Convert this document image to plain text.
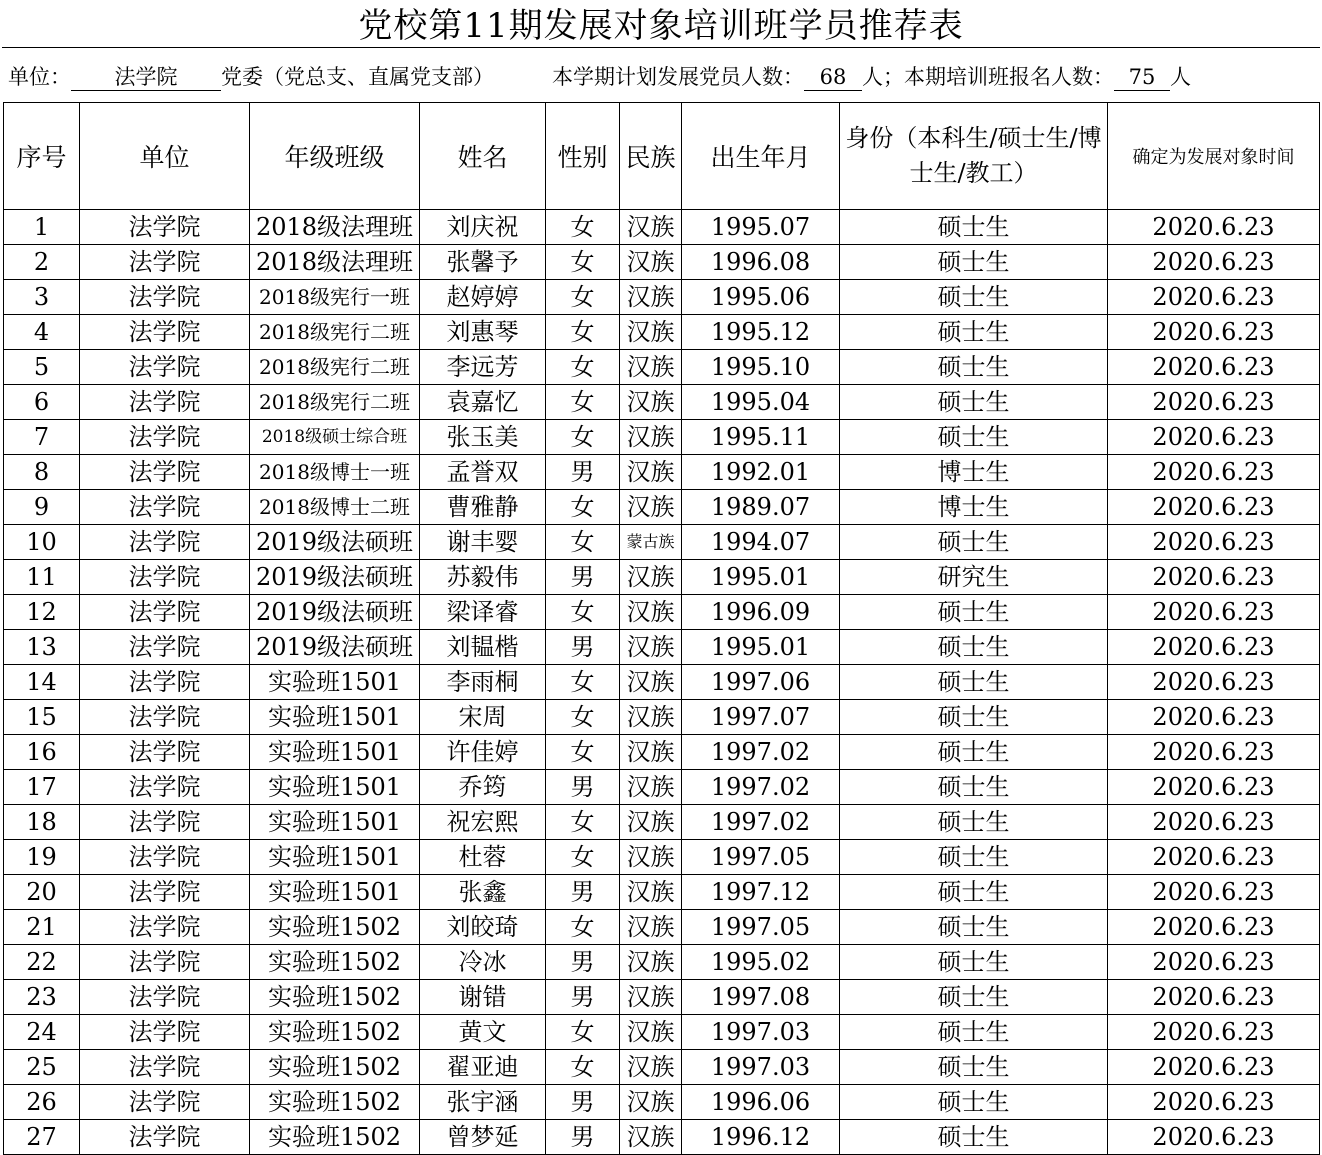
党校第11期发展对象培训班学员推荐表
单位： 法学院 党委（党总支、直属党支部）	本学期计划发展党员人数： 68 人；本期培训班报名人数： 75 人
序号	单位	年级班级	姓名	性别	民族	出生年月	身份（本科生/硕士生/博士生/教工）	确定为发展对象时间
1	法学院	2018级法理班	刘庆祝	女	汉族	1995.07	硕士生	2020.6.23
2	法学院	2018级法理班	张馨予	女	汉族	1996.08	硕士生	2020.6.23
3	法学院	2018级宪行一班	赵婷婷	女	汉族	1995.06	硕士生	2020.6.23
4	法学院	2018级宪行二班	刘惠琴	女	汉族	1995.12	硕士生	2020.6.23
5	法学院	2018级宪行二班	李远芳	女	汉族	1995.10	硕士生	2020.6.23
6	法学院	2018级宪行二班	袁嘉忆	女	汉族	1995.04	硕士生	2020.6.23
7	法学院	2018级硕士综合班	张玉美	女	汉族	1995.11	硕士生	2020.6.23
8	法学院	2018级博士一班	孟誉双	男	汉族	1992.01	博士生	2020.6.23
9	法学院	2018级博士二班	曹雅静	女	汉族	1989.07	博士生	2020.6.23
10	法学院	2019级法硕班	谢丰婴	女	蒙古族	1994.07	硕士生	2020.6.23
11	法学院	2019级法硕班	苏毅伟	男	汉族	1995.01	研究生	2020.6.23
12	法学院	2019级法硕班	梁译睿	女	汉族	1996.09	硕士生	2020.6.23
13	法学院	2019级法硕班	刘韫楷	男	汉族	1995.01	硕士生	2020.6.23
14	法学院	实验班1501	李雨桐	女	汉族	1997.06	硕士生	2020.6.23
15	法学院	实验班1501	宋周	女	汉族	1997.07	硕士生	2020.6.23
16	法学院	实验班1501	许佳婷	女	汉族	1997.02	硕士生	2020.6.23
17	法学院	实验班1501	乔筠	男	汉族	1997.02	硕士生	2020.6.23
18	法学院	实验班1501	祝宏熙	女	汉族	1997.02	硕士生	2020.6.23
19	法学院	实验班1501	杜蓉	女	汉族	1997.05	硕士生	2020.6.23
20	法学院	实验班1501	张鑫	男	汉族	1997.12	硕士生	2020.6.23
21	法学院	实验班1502	刘皎琦	女	汉族	1997.05	硕士生	2020.6.23
22	法学院	实验班1502	冷冰	男	汉族	1995.02	硕士生	2020.6.23
23	法学院	实验班1502	谢错	男	汉族	1997.08	硕士生	2020.6.23
24	法学院	实验班1502	黄文	女	汉族	1997.03	硕士生	2020.6.23
25	法学院	实验班1502	翟亚迪	女	汉族	1997.03	硕士生	2020.6.23
26	法学院	实验班1502	张宇涵	男	汉族	1996.06	硕士生	2020.6.23
27	法学院	实验班1502	曾梦延	男	汉族	1996.12	硕士生	2020.6.23
